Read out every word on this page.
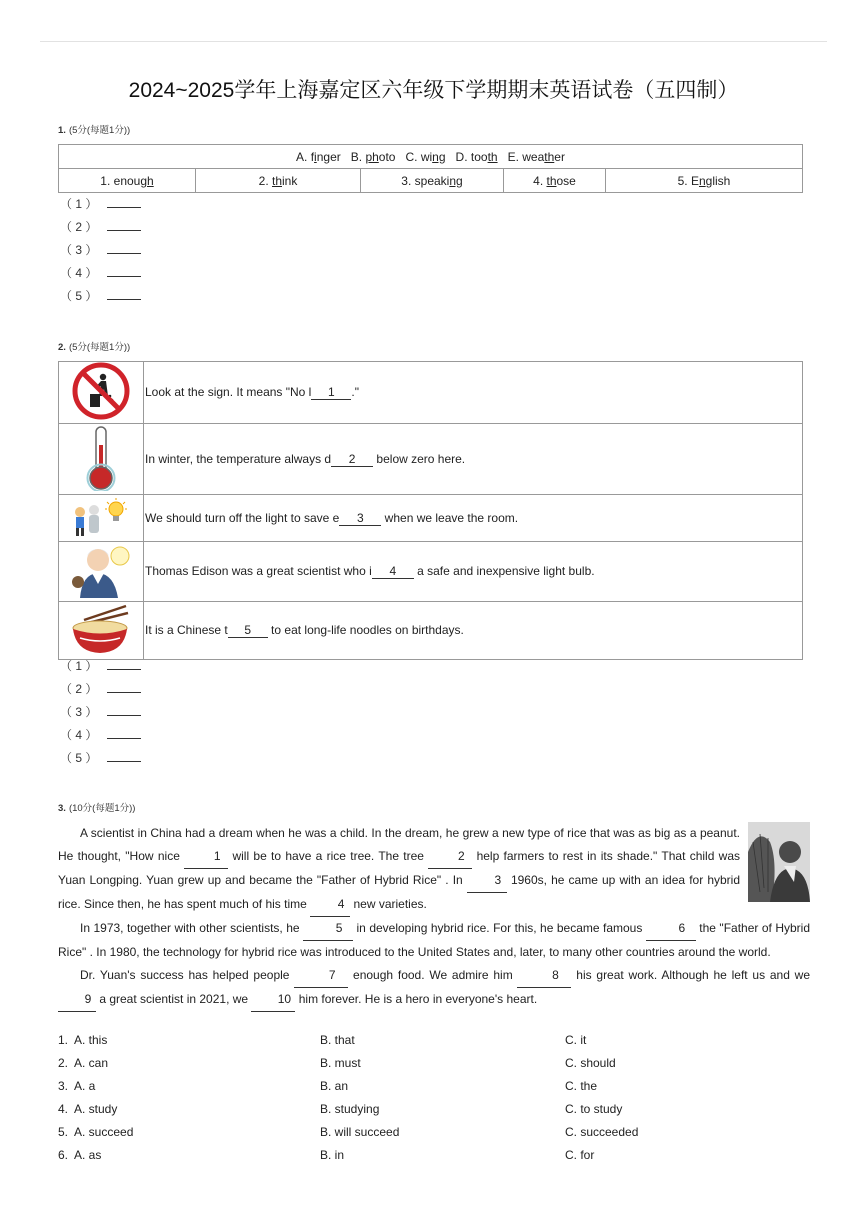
2024~2025学年上海嘉定区六年级下学期期末英语试卷（五四制）
1. (5分(每题1分))
A. finger B. photo C. wing D. tooth E. weather
1. enough	2. think	3. speaking	4. those	5. English
（ 1 ）
（ 2 ）
（ 3 ）
（ 4 ）
（ 5 ）
2. (5分(每题1分))
	Look at the sign. It means "No l 1 ."
	In winter, the temperature always d 2 below zero here.
	We should turn off the light to save e 3 when we leave the room.
	Thomas Edison was a great scientist who i 4 a safe and inexpensive light bulb.
	It is a Chinese t 5 to eat long-life noodles on birthdays.
（ 1 ）
（ 2 ）
（ 3 ）
（ 4 ）
（ 5 ）
3. (10分(每题1分))

A scientist in China had a dream when he was a child. In the dream, he grew a new type of rice that was as big as a peanut. He thought, "How nice 1 will be to have a rice tree. The tree 2 help farmers to rest in its shade." That child was Yuan Longping. Yuan grew up and became the "Father of Hybrid Rice" . In 3 1960s, he came up with an idea for hybrid rice. Since then, he has spent much of his time 4 new varieties.

In 1973, together with other scientists, he	5 in developing hybrid rice. For this, he became famous	6 the "Father of Hybrid Rice" . In 1980, the technology for hybrid rice was introduced to the United States and, later, to many other countries around the world.

Dr. Yuan's success has helped people	7 enough food. We admire him	8 his great work. Although he left us and we 9 a great scientist in 2021, we 10 him forever. He is a hero in everyone's heart.

1. A. this	B. that	C. it
2. A. can	B. must	C. should
3. A. a	B. an	C. the
4. A. study	B. studying	C. to study
5. A. succeed	B. will succeed	C. succeeded
6. A. as	B. in	C. for
